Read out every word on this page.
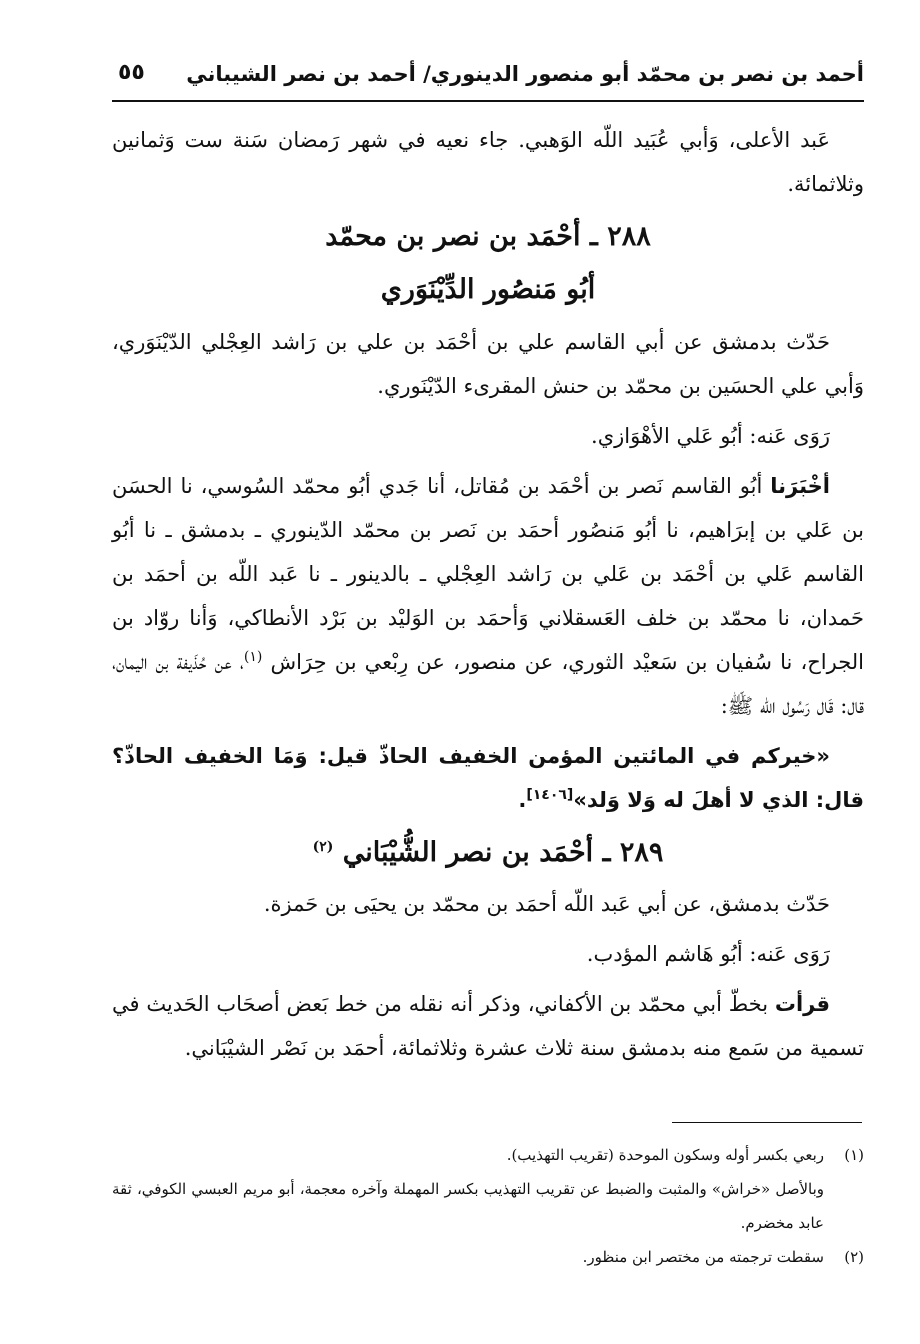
أحمد بن نصر بن محمّد أبو منصور الدينوري/ أحمد بن نصر الشيباني
٥٥

عَبد الأعلى، وَأبي عُبَيد اللّه الوَهبي. جاء نعيه في شهر رَمضان سَنة ست وَثمانين وثلاثمائة.

٢٨٨ ـ أحْمَد بن نصر بن محمّد
أبُو مَنصُور الدِّيْنَوَري

حَدّث بدمشق عن أبي القاسم علي بن أحْمَد بن علي بن رَاشد العِجْلي الدّيْنَوَري، وَأبي علي الحسَين بن محمّد بن حنش المقرىء الدّيْنَوري.

رَوَى عَنه: أبُو عَلي الأهْوَازي.

أخْبَرَنا أبُو القاسم نَصر بن أحْمَد بن مُقاتل، أنا جَدي أبُو محمّد السُوسي، نا الحسَن بن عَلي بن إبرَاهيم، نا أبُو مَنصُور أحمَد بن نَصر بن محمّد الدّينوري ـ بدمشق ـ نا أبُو القاسم عَلي بن أحْمَد بن عَلي بن رَاشد العِجْلي ـ بالدينور ـ نا عَبد اللّه بن أحمَد بن حَمدان، نا محمّد بن خلف العَسقلاني وَأحمَد بن الوَليْد بن بَرْد الأنطاكي، وَأنا روّاد بن الجراح، نا سُفيان بن سَعيْد الثوري، عن منصور، عن رِبْعي بن حِرَاش $^{(١)}$، عن حُذَيفة بن اليمان، قال: قَال رَسُول الله ﷺ:

«خيركم في المائتين المؤمن الخفيف الحاذّ قيل: وَمَا الخفيف الحاذّ؟ قال: الذي لا أهلَ له وَلا وَلد»[١٤٠٦].

٢٨٩ ـ أحْمَد بن نصر الشُّيْبَاني $^{(٢)}$

حَدّث بدمشق، عن أبي عَبد اللّه أحمَد بن محمّد بن يحيَى بن حَمزة.

رَوَى عَنه: أبُو هَاشم المؤدب.

قرأت بخطّ أبي محمّد بن الأكفاني، وذكر أنه نقله من خط بَعض أصحَاب الحَديث في تسمية من سَمع منه بدمشق سنة ثلاث عشرة وثلاثمائة، أحمَد بن نَصْر الشيْبَاني.

(١)ربعي بكسر أوله وسكون الموحدة (تقريب التهذيب).

وبالأصل «خراش» والمثبت والضبط عن تقريب التهذيب بكسر المهملة وآخره معجمة، أبو مريم العبسي الكوفي، ثقة عابد مخضرم.

(٢)سقطت ترجمته من مختصر ابن منظور.
